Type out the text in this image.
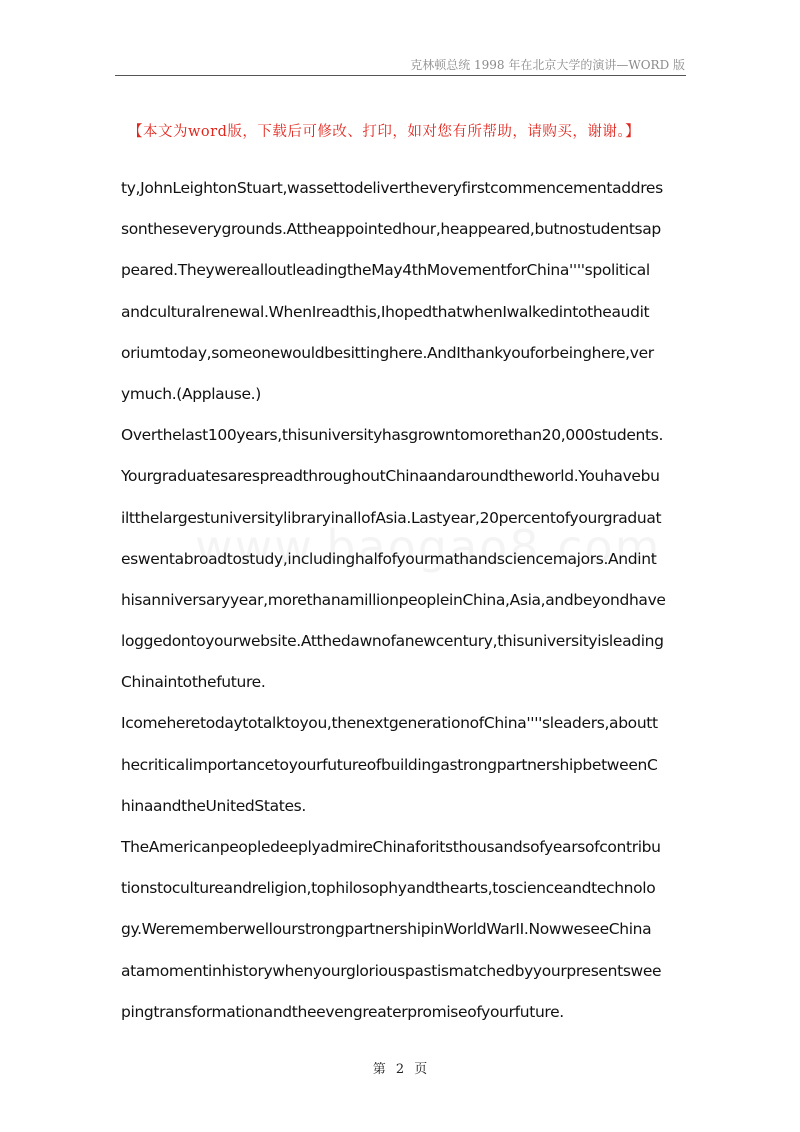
克林顿总统 1998 年在北京大学的演讲—WORD 版
【本文为word版，下载后可修改、打印，如对您有所帮助，请购买，谢谢。】
ty,JohnLeightonStuart,wassettodelivertheveryfirstcommencementaddres
sontheseverygrounds.Attheappointedhour,heappeared,butnostudentsap
peared.TheywerealloutleadingtheMay4thMovementforChina''''spolitical
andculturalrenewal.WhenIreadthis,IhopedthatwhenIwalkedintotheaudit
oriumtoday,someonewouldbesittinghere.AndIthankyouforbeinghere,ver
ymuch.(Applause.)
Overthelast100years,thisuniversityhasgrowntomorethan20,000students.
YourgraduatesarespreadthroughoutChinaandaroundtheworld.Youhavebu
iltthelargestuniversitylibraryinallofAsia.Lastyear,20percentofyourgraduat
eswentabroadtostudy,includinghalfofyourmathandsciencemajors.Andint
hisanniversaryyear,morethanamillionpeopleinChina,Asia,andbeyondhave
loggedontoyourwebsite.Atthedawnofanewcentury,thisuniversityisleading
Chinaintothefuture.
Icomeheretodaytotalktoyou,thenextgenerationofChina''''sleaders,aboutt
hecriticalimportancetoyourfutureofbuildingastrongpartnershipbetweenC
hinaandtheUnitedStates.
TheAmericanpeopledeeplyadmireChinaforitsthousandsofyearsofcontribu
tionstocultureandreligion,tophilosophyandthearts,toscienceandtechnolo
gy.WerememberwellourstrongpartnershipinWorldWarII.NowweseeChina
atamomentinhistorywhenyourgloriouspastismatchedbyyourpresentswee
pingtransformationandtheevengreaterpromiseofyourfuture.
第 2 页
